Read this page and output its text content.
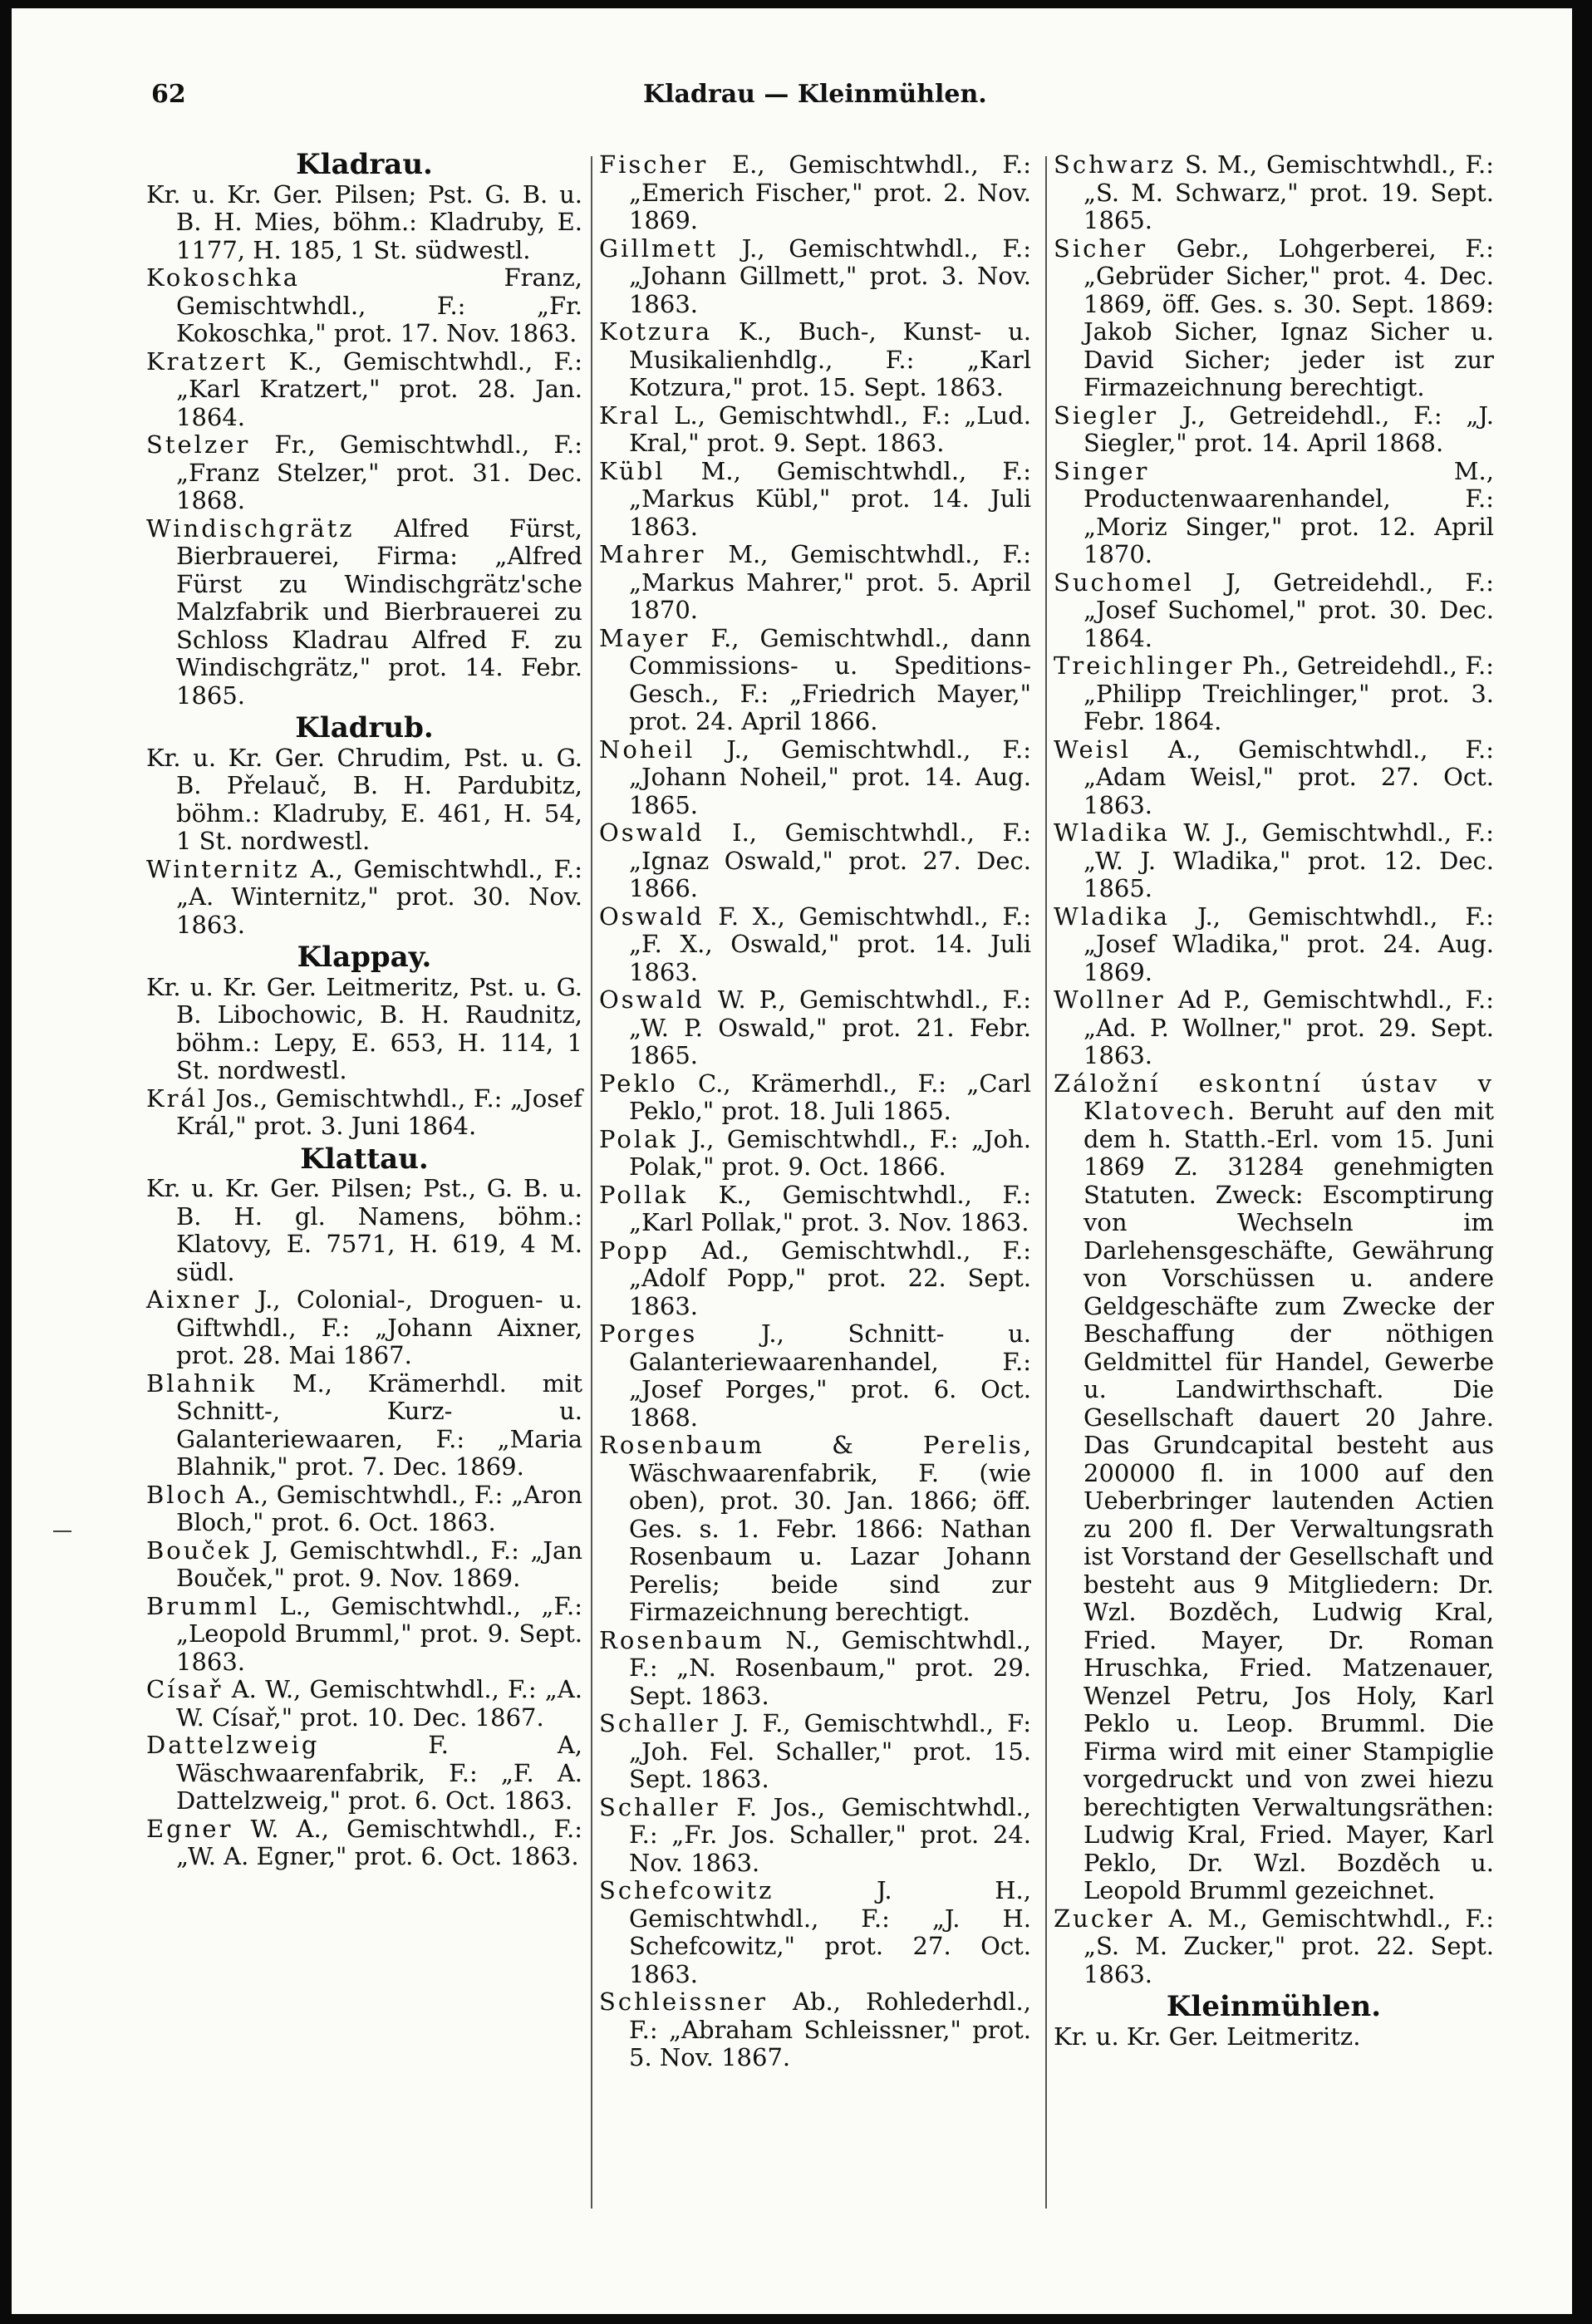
62	Kladrau — Kleinmühlen.

Kladrau.

Kr. u. Kr. Ger. Pilsen; Pst. G. B. u. B. H. Mies, böhm.: Kladruby, E. 1177, H. 185, 1 St. südwestl.

Kokoschka Franz, Gemischtwhdl., F.: „Fr. Kokoschka," prot. 17. Nov. 1863.

Kratzert K., Gemischtwhdl., F.: „Karl Kratzert," prot. 28. Jan. 1864.

Stelzer Fr., Gemischtwhdl., F.: „Franz Stelzer," prot. 31. Dec. 1868.

Windischgrätz Alfred Fürst, Bierbrauerei, Firma: „Alfred Fürst zu Windischgrätz'sche Malzfabrik und Bierbrauerei zu Schloss Kladrau Alfred F. zu Windischgrätz," prot. 14. Febr. 1865.

Kladrub.

Kr. u. Kr. Ger. Chrudim, Pst. u. G. B. Přelauč, B. H. Pardubitz, böhm.: Kladruby, E. 461, H. 54, 1 St. nordwestl.

Winternitz A., Gemischtwhdl., F.: „A. Winternitz," prot. 30. Nov. 1863.

Klappay.

Kr. u. Kr. Ger. Leitmeritz, Pst. u. G. B. Libochowic, B. H. Raudnitz, böhm.: Lepy, E. 653, H. 114, 1 St. nordwestl.

Král Jos., Gemischtwhdl., F.: „Josef Král," prot. 3. Juni 1864.

Klattau.

Kr. u. Kr. Ger. Pilsen; Pst., G. B. u. B. H. gl. Namens, böhm.: Klatovy, E. 7571, H. 619, 4 M. südl.

Aixner J., Colonial-, Droguen- u. Giftwhdl., F.: „Johann Aixner, prot. 28. Mai 1867.

Blahnik M., Krämerhdl. mit Schnitt-, Kurz- u. Galanteriewaaren, F.: „Maria Blahnik," prot. 7. Dec. 1869.

Bloch A., Gemischtwhdl., F.: „Aron Bloch," prot. 6. Oct. 1863.

Bouček J, Gemischtwhdl., F.: „Jan Bouček," prot. 9. Nov. 1869.

Brumml L., Gemischtwhdl., „F.: „Leopold Brumml," prot. 9. Sept. 1863.

Císař A. W., Gemischtwhdl., F.: „A. W. Císař," prot. 10. Dec. 1867.

Dattelzweig F. A, Wäschwaarenfabrik, F.: „F. A. Dattelzweig," prot. 6. Oct. 1863.

Egner W. A., Gemischtwhdl., F.: „W. A. Egner," prot. 6. Oct. 1863.

Fischer E., Gemischtwhdl., F.: „Emerich Fischer," prot. 2. Nov. 1869.

Gillmett J., Gemischtwhdl., F.: „Johann Gillmett," prot. 3. Nov. 1863.

Kotzura K., Buch-, Kunst- u. Musikalienhdlg., F.: „Karl Kotzura," prot. 15. Sept. 1863.

Kral L., Gemischtwhdl., F.: „Lud. Kral," prot. 9. Sept. 1863.

Kübl M., Gemischtwhdl., F.: „Markus Kübl," prot. 14. Juli 1863.

Mahrer M., Gemischtwhdl., F.: „Markus Mahrer," prot. 5. April 1870.

Mayer F., Gemischtwhdl., dann Commissions- u. Speditions-Gesch., F.: „Friedrich Mayer," prot. 24. April 1866.

Noheil J., Gemischtwhdl., F.: „Johann Noheil," prot. 14. Aug. 1865.

Oswald I., Gemischtwhdl., F.: „Ignaz Oswald," prot. 27. Dec. 1866.

Oswald F. X., Gemischtwhdl., F.: „F. X., Oswald," prot. 14. Juli 1863.

Oswald W. P., Gemischtwhdl., F.: „W. P. Oswald," prot. 21. Febr. 1865.

Peklo C., Krämerhdl., F.: „Carl Peklo," prot. 18. Juli 1865.

Polak J., Gemischtwhdl., F.: „Joh. Polak," prot. 9. Oct. 1866.

Pollak K., Gemischtwhdl., F.: „Karl Pollak," prot. 3. Nov. 1863.

Popp Ad., Gemischtwhdl., F.: „Adolf Popp," prot. 22. Sept. 1863.

Porges J., Schnitt- u. Galanteriewaarenhandel, F.: „Josef Porges," prot. 6. Oct. 1868.

Rosenbaum & Perelis, Wäschwaarenfabrik, F. (wie oben), prot. 30. Jan. 1866; öff. Ges. s. 1. Febr. 1866: Nathan Rosenbaum u. Lazar Johann Perelis; beide sind zur Firmazeichnung berechtigt.

Rosenbaum N., Gemischtwhdl., F.: „N. Rosenbaum," prot. 29. Sept. 1863.

Schaller J. F., Gemischtwhdl., F: „Joh. Fel. Schaller," prot. 15. Sept. 1863.

Schaller F. Jos., Gemischtwhdl., F.: „Fr. Jos. Schaller," prot. 24. Nov. 1863.

Schefcowitz J. H., Gemischtwhdl., F.: „J. H. Schefcowitz," prot. 27. Oct. 1863.

Schleissner Ab., Rohlederhdl., F.: „Abraham Schleissner," prot. 5. Nov. 1867.

Schwarz S. M., Gemischtwhdl., F.: „S. M. Schwarz," prot. 19. Sept. 1865.

Sicher Gebr., Lohgerberei, F.: „Gebrüder Sicher," prot. 4. Dec. 1869, öff. Ges. s. 30. Sept. 1869: Jakob Sicher, Ignaz Sicher u. David Sicher; jeder ist zur Firmazeichnung berechtigt.

Siegler J., Getreidehdl., F.: „J. Siegler," prot. 14. April 1868.

Singer M., Productenwaarenhandel, F.: „Moriz Singer," prot. 12. April 1870.

Suchomel J, Getreidehdl., F.: „Josef Suchomel," prot. 30. Dec. 1864.

Treichlinger Ph., Getreidehdl., F.: „Philipp Treichlinger," prot. 3. Febr. 1864.

Weisl A., Gemischtwhdl., F.: „Adam Weisl," prot. 27. Oct. 1863.

Wladika W. J., Gemischtwhdl., F.: „W. J. Wladika," prot. 12. Dec. 1865.

Wladika J., Gemischtwhdl., F.: „Josef Wladika," prot. 24. Aug. 1869.

Wollner Ad P., Gemischtwhdl., F.: „Ad. P. Wollner," prot. 29. Sept. 1863.

Záložní eskontní ústav v Klatovech. Beruht auf den mit dem h. Statth.-Erl. vom 15. Juni 1869 Z. 31284 genehmigten Statuten. Zweck: Escomptirung von Wechseln im Darlehensgeschäfte, Gewährung von Vorschüssen u. andere Geldgeschäfte zum Zwecke der Beschaffung der nöthigen Geldmittel für Handel, Gewerbe u. Landwirthschaft. Die Gesellschaft dauert 20 Jahre. Das Grundcapital besteht aus 200000 fl. in 1000 auf den Ueberbringer lautenden Actien zu 200 fl. Der Verwaltungsrath ist Vorstand der Gesellschaft und besteht aus 9 Mitgliedern: Dr. Wzl. Bozděch, Ludwig Kral, Fried. Mayer, Dr. Roman Hruschka, Fried. Matzenauer, Wenzel Petru, Jos Holy, Karl Peklo u. Leop. Brumml. Die Firma wird mit einer Stampiglie vorgedruckt und von zwei hiezu berechtigten Verwaltungsräthen: Ludwig Kral, Fried. Mayer, Karl Peklo, Dr. Wzl. Bozděch u. Leopold Brumml gezeichnet.

Zucker A. M., Gemischtwhdl., F.: „S. M. Zucker," prot. 22. Sept. 1863.

Kleinmühlen.

Kr. u. Kr. Ger. Leitmeritz.
